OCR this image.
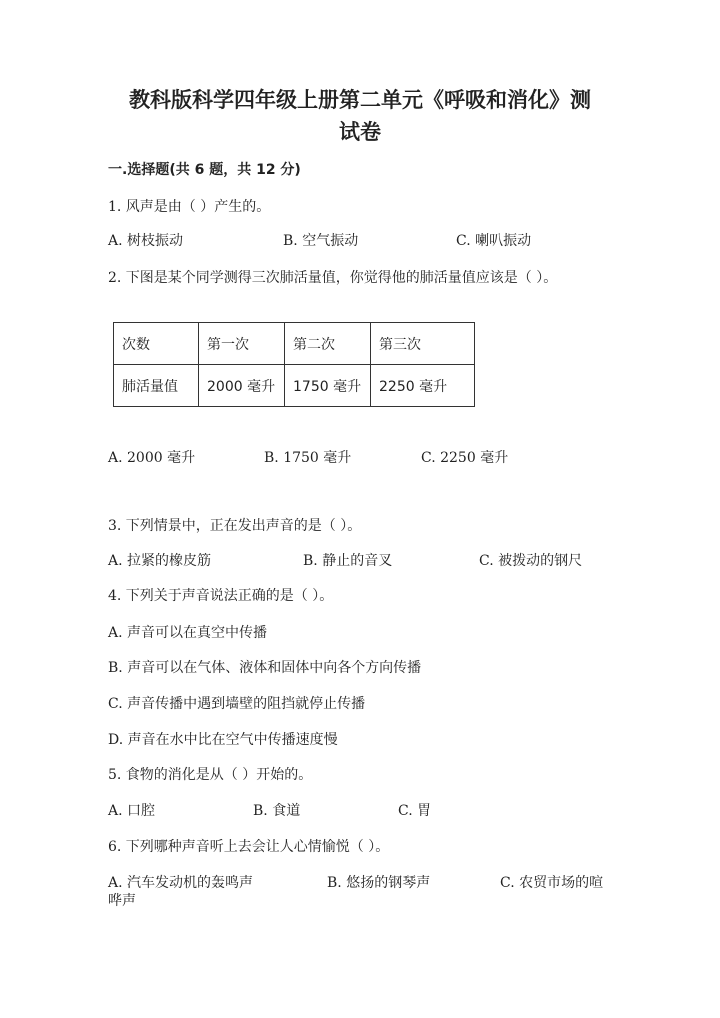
教科版科学四年级上册第二单元《呼吸和消化》测
试卷
一.选择题(共 6 题，共 12 分)
1. 风声是由（ ）产生的。
A. 树枝振动	B. 空气振动	C. 喇叭振动
2. 下图是某个同学测得三次肺活量值，你觉得他的肺活量值应该是（ ）。
次数	第一次	第二次	第三次
肺活量值	2000 毫升	1750 毫升	2250 毫升
A. 2000 毫升	B. 1750 毫升	C. 2250 毫升
3. 下列情景中，正在发出声音的是（ ）。
A. 拉紧的橡皮筋	B. 静止的音叉	C. 被拨动的钢尺
4. 下列关于声音说法正确的是（ ）。
A. 声音可以在真空中传播
B. 声音可以在气体、液体和固体中向各个方向传播
C. 声音传播中遇到墙壁的阻挡就停止传播
D. 声音在水中比在空气中传播速度慢
5. 食物的消化是从（ ）开始的。
A. 口腔	B. 食道	C. 胃
6. 下列哪种声音听上去会让人心情愉悦（ ）。
A. 汽车发动机的轰鸣声	B. 悠扬的钢琴声	C. 农贸市场的喧
哗声
